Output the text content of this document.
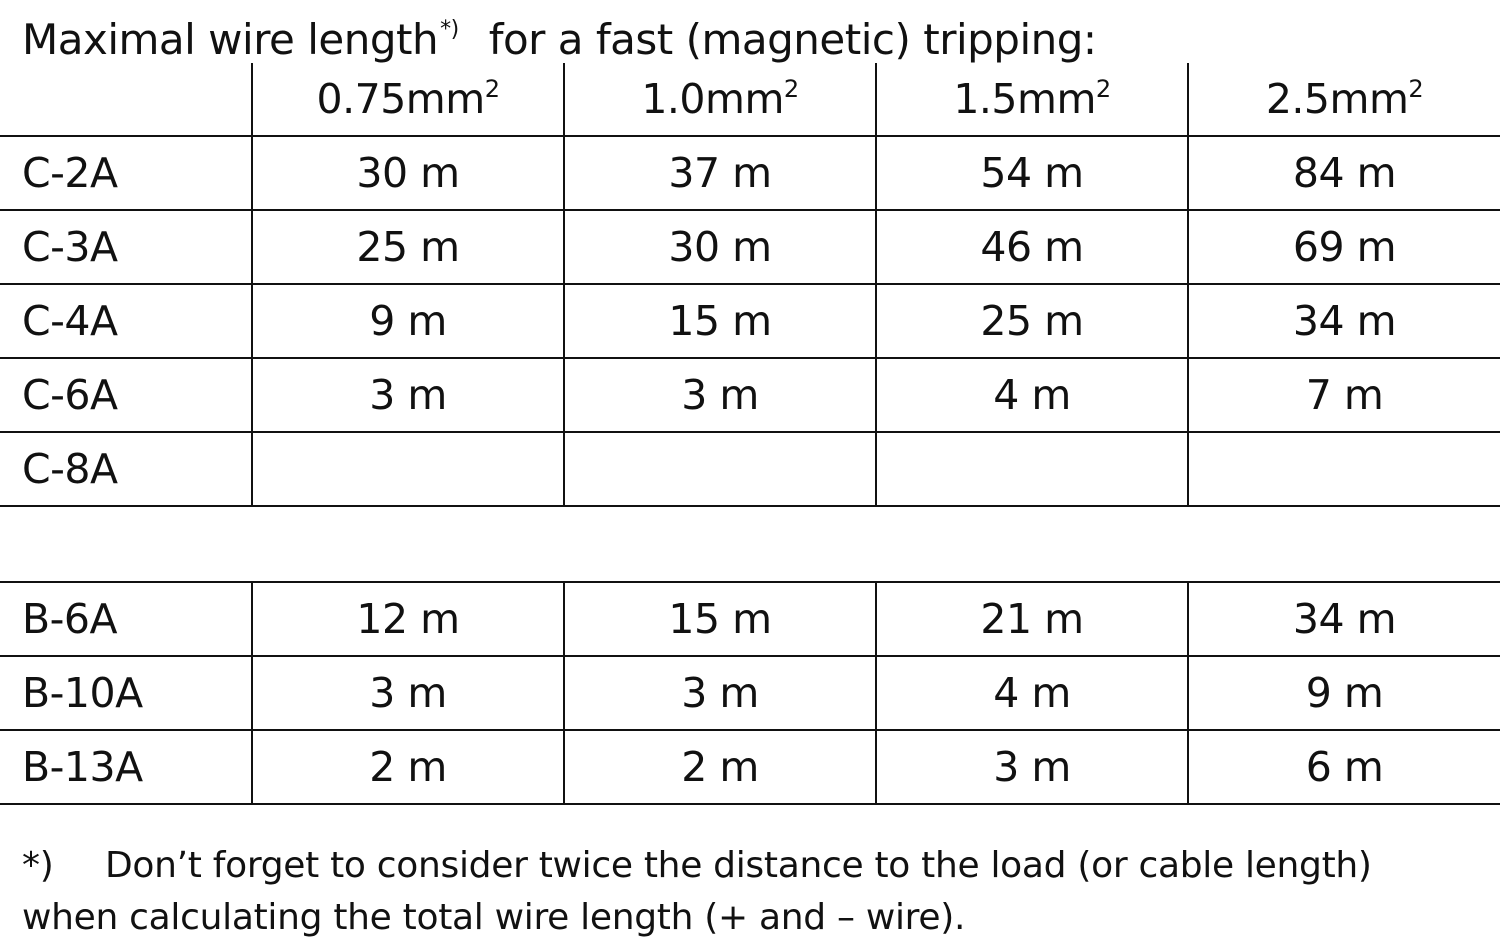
Maximal wire length*) for a fast (magnetic) tripping:
	$0.75mm^2$	$1.0mm^2$	$1.5mm^2$	$2.5mm^2$
C-2A	30 m	37 m	54 m	84 m
C-3A	25 m	30 m	46 m	69 m
C-4A	9 m	15 m	25 m	34 m
C-6A	3 m	3 m	4 m	7 m
C-8A				
B-6A	12 m	15 m	21 m	34 m
B-10A	3 m	3 m	4 m	9 m
B-13A	2 m	2 m	3 m	6 m
*) Don’t forget to consider twice the distance to the load (or cable length)
when calculating the total wire length (+ and – wire).
